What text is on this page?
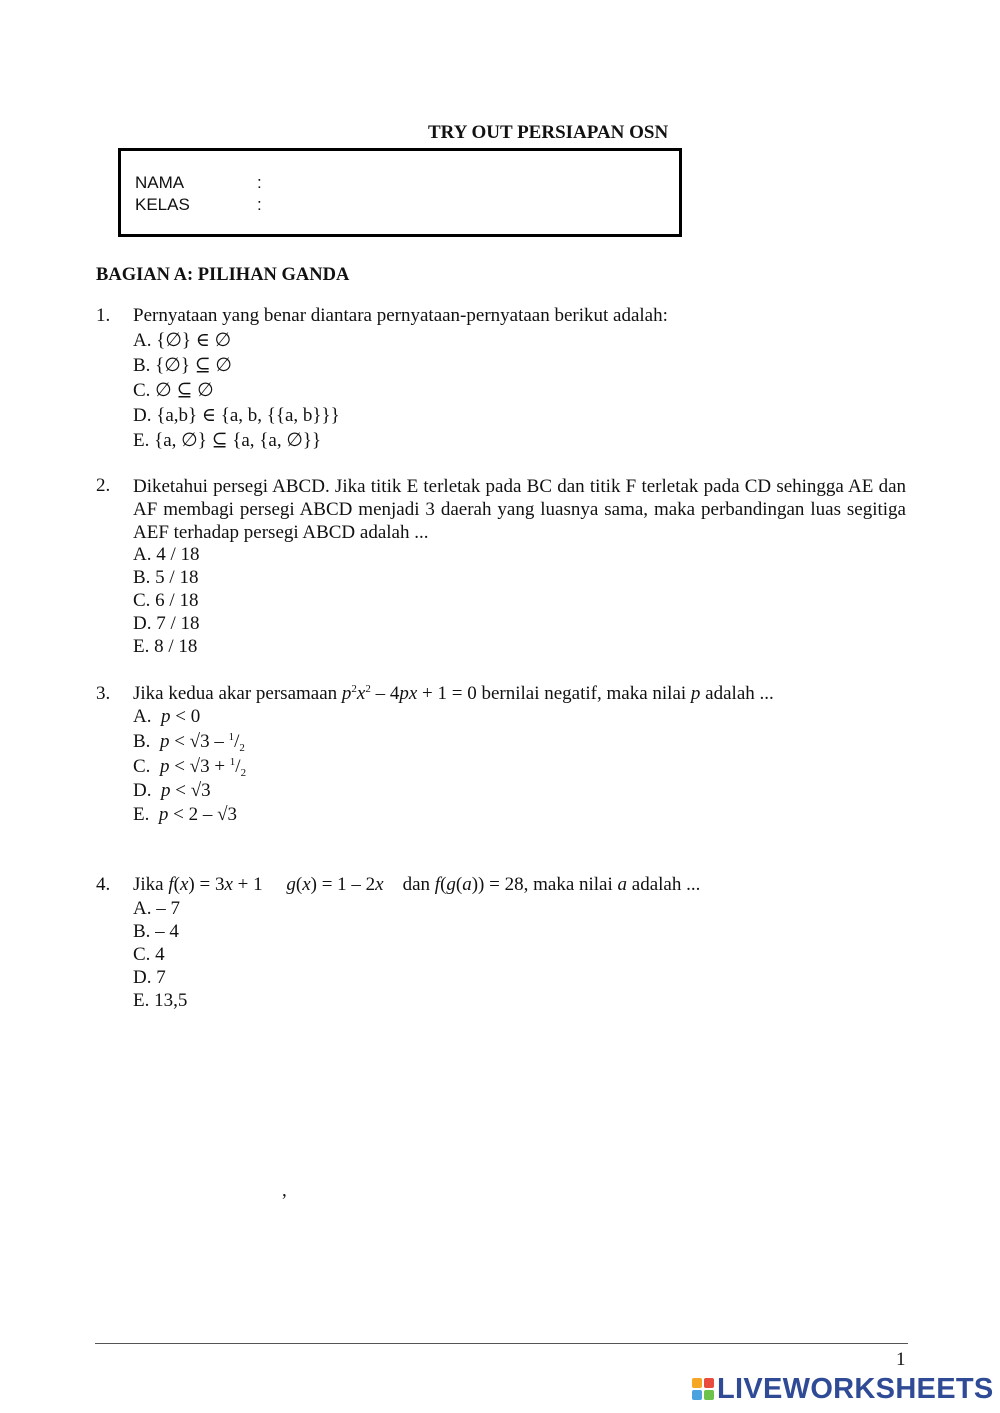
TRY OUT PERSIAPAN OSN
NAMA	:
KELAS	:
BAGIAN A: PILIHAN GANDA
1. Pernyataan yang benar diantara pernyataan-pernyataan berikut adalah:
A. {∅} ∈ ∅
B. {∅} ⊆ ∅
C. ∅ ⊆ ∅
D. {a,b} ∈ {a, b, {{a, b}}}
E. {a, ∅} ⊆ {a, {a, ∅}}
2. Diketahui persegi ABCD. Jika titik E terletak pada BC dan titik F terletak pada CD sehingga AE dan AF membagi persegi ABCD menjadi 3 daerah yang luasnya sama, maka perbandingan luas segitiga AEF terhadap persegi ABCD adalah ...
A. 4 / 18
B. 5 / 18
C. 6 / 18
D. 7 / 18
E. 8 / 18
3. Jika kedua akar persamaan $p^2x^2 - 4px + 1 = 0$ bernilai negatif, maka nilai p adalah ...
A. p < 0
B. $p < √3 - ^1/_2$
C. $p < √3 + ^1/_2$
D. p < √3
E. p < 2 – √3
4. Jika f(x) = 3x + 1 g(x) = 1 – 2x dan f(g(a)) = 28, maka nilai a adalah ...
A. – 7
B. – 4
C. 4
D. 7
E. 13,5
,
1
LIVEWORKSHEETS
